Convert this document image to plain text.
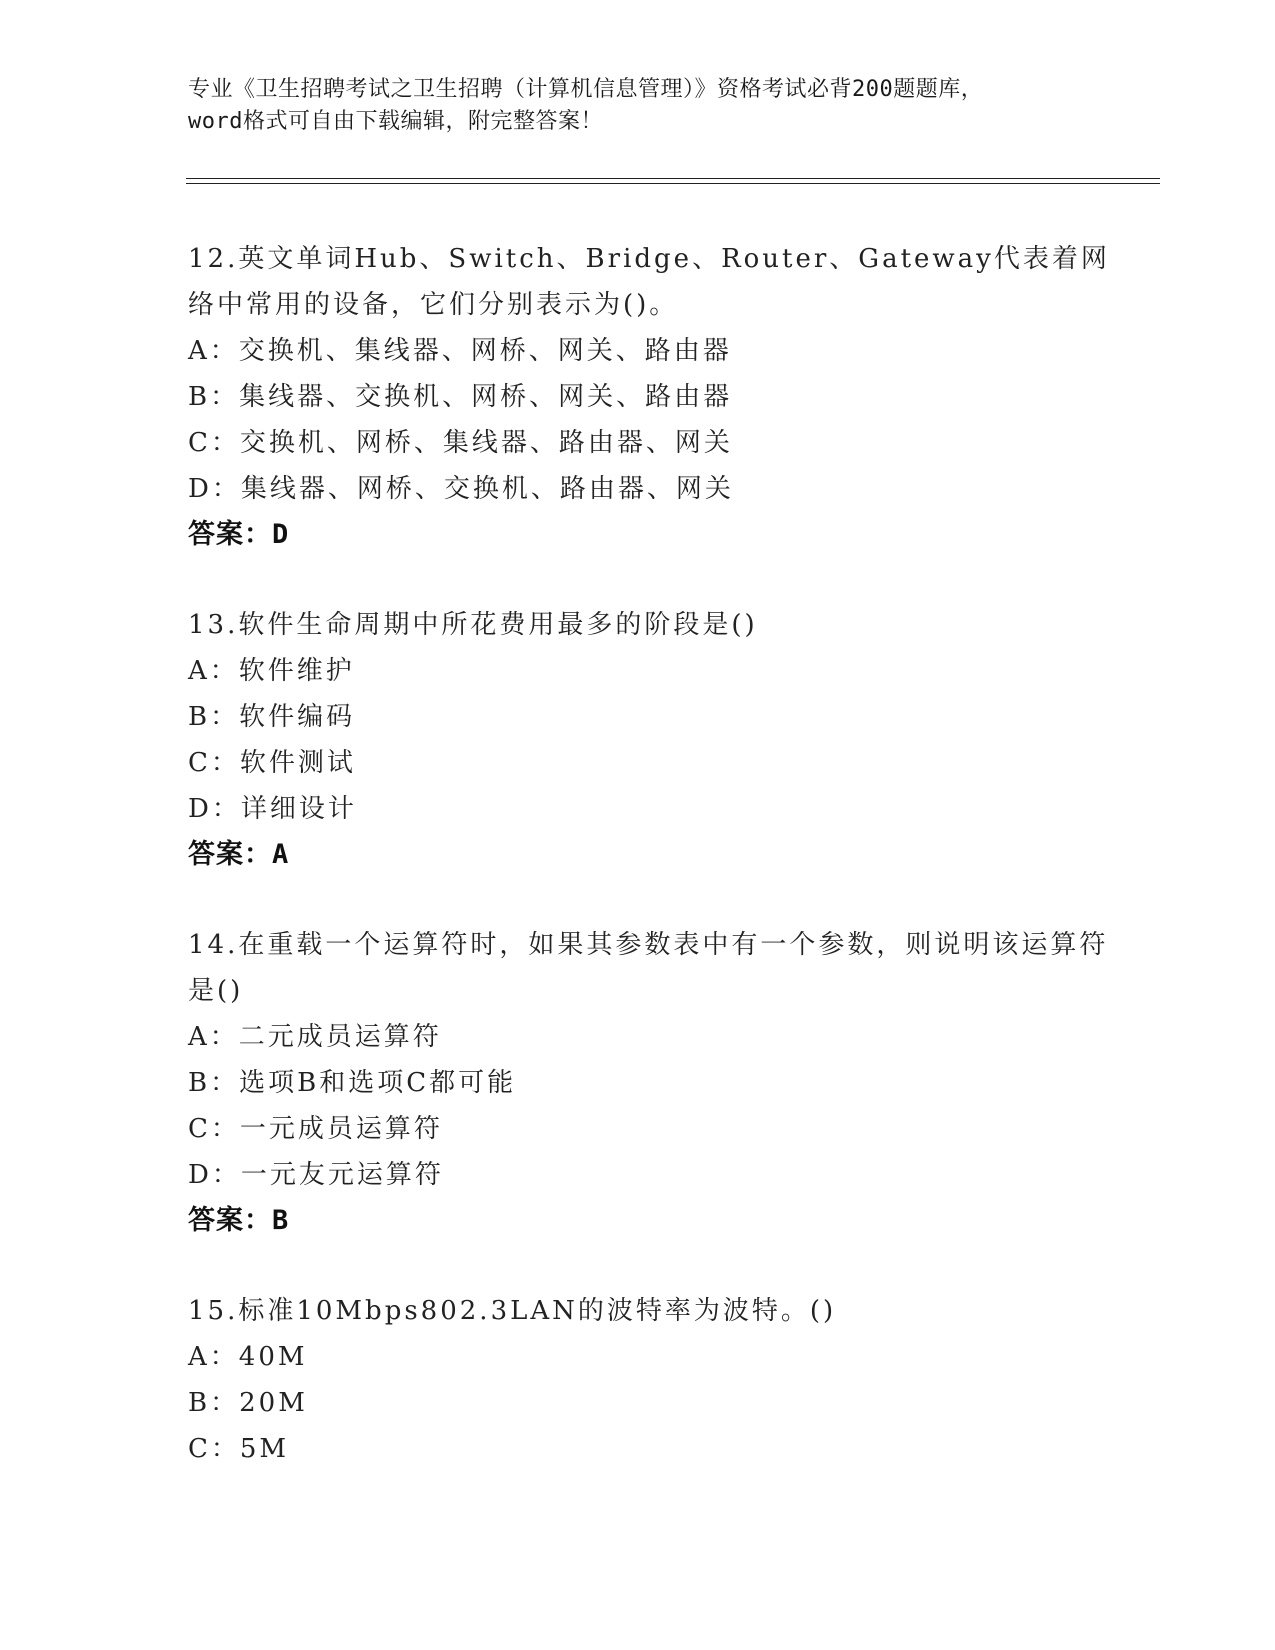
专业《卫生招聘考试之卫生招聘（计算机信息管理）》资格考试必背200题题库，
word格式可自由下载编辑，附完整答案！
12.英文单词Hub、Switch、Bridge、Router、Gateway代表着网络中常用的设备，它们分别表示为()。
A：交换机、集线器、网桥、网关、路由器
B：集线器、交换机、网桥、网关、路由器
C：交换机、网桥、集线器、路由器、网关
D：集线器、网桥、交换机、路由器、网关
答案：D
13.软件生命周期中所花费用最多的阶段是()
A：软件维护
B：软件编码
C：软件测试
D：详细设计
答案：A
14.在重载一个运算符时，如果其参数表中有一个参数，则说明该运算符是()
A：二元成员运算符
B：选项B和选项C都可能
C：一元成员运算符
D：一元友元运算符
答案：B
15.标准10Mbps802.3LAN的波特率为波特。()
A：40M
B：20M
C：5M
